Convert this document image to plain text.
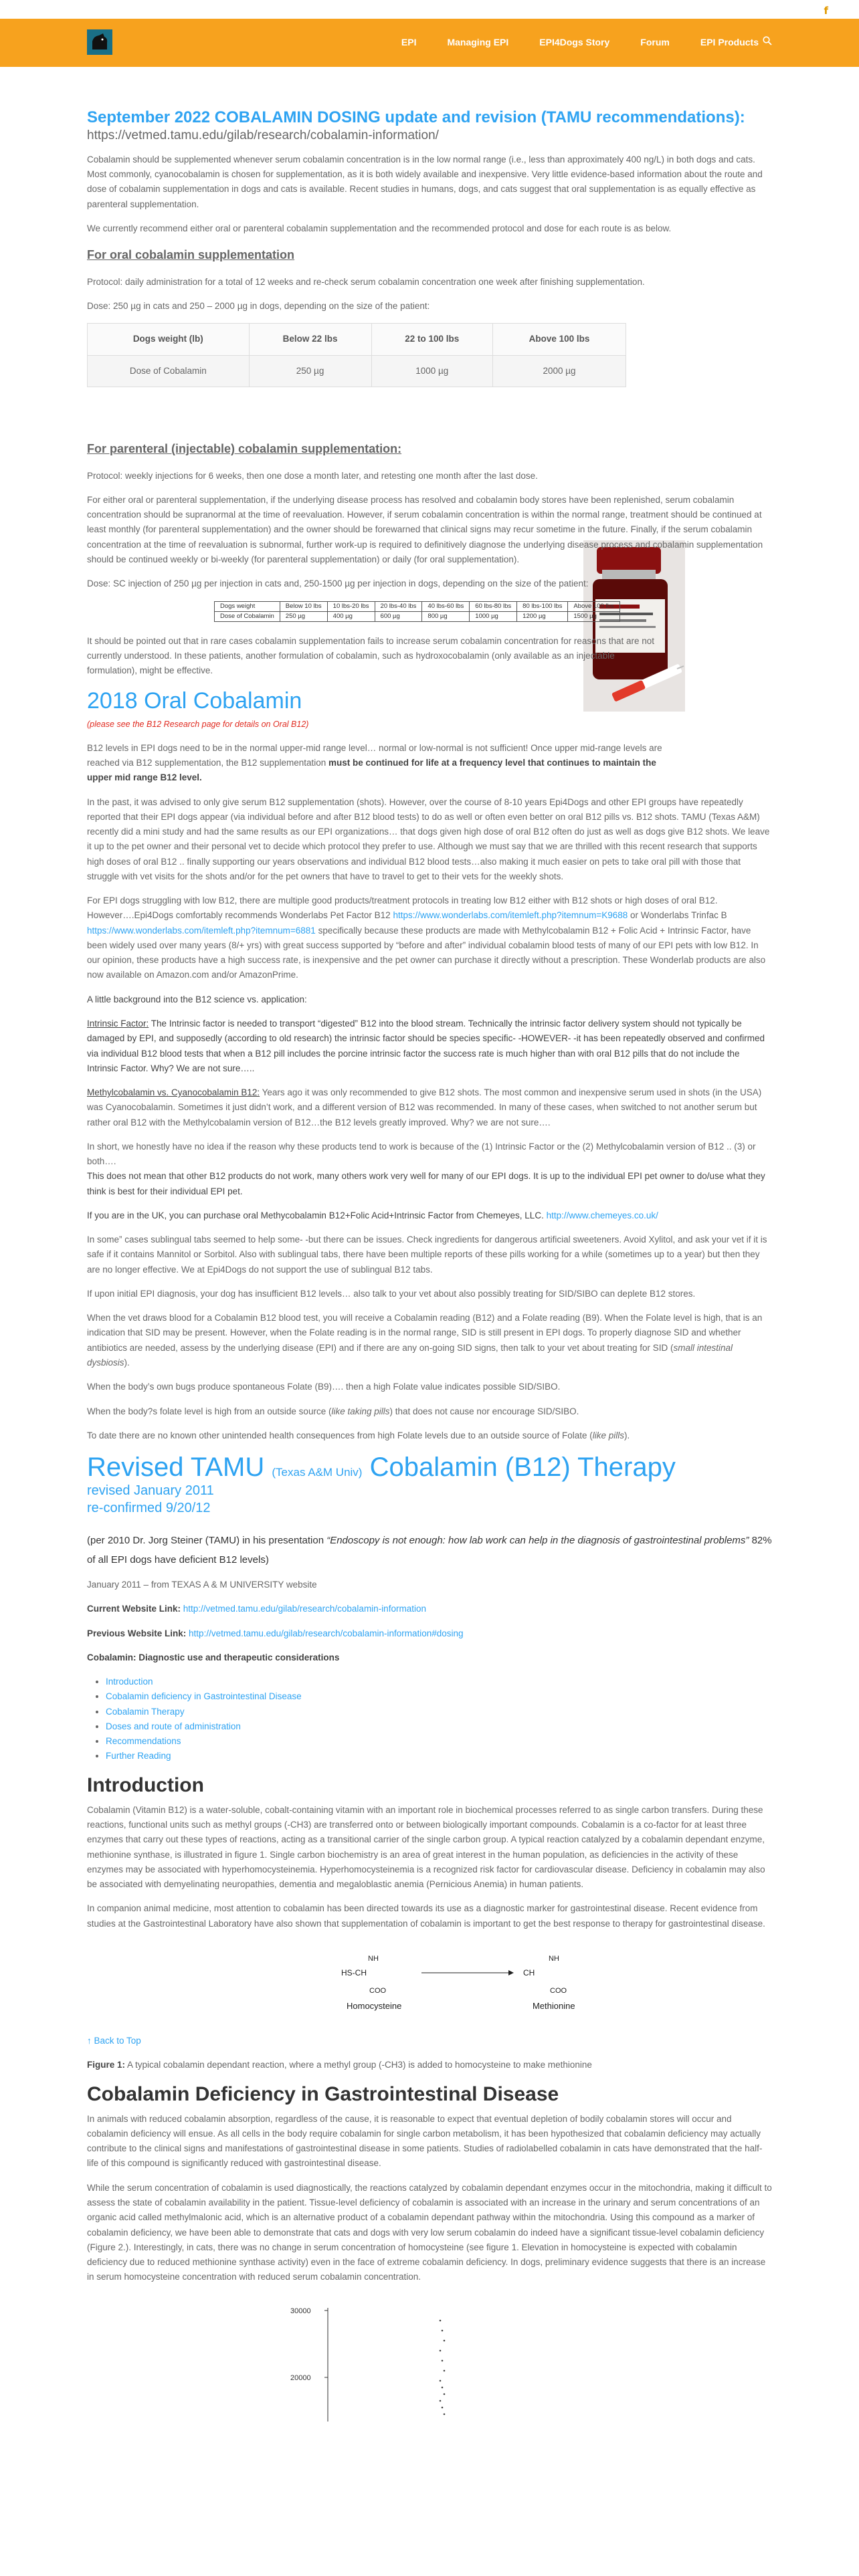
f
EPI	Managing EPI	EPI4Dogs Story	Forum	EPI Products
September 2022 COBALAMIN DOSING update and revision (TAMU recommendations):
https://vetmed.tamu.edu/gilab/research/cobalamin-information/

Cobalamin should be supplemented whenever serum cobalamin concentration is in the low normal range (i.e., less than approximately 400 ng/L) in both dogs and cats. Most commonly, cyanocobalamin is chosen for supplementation, as it is both widely available and inexpensive. Very little evidence-based information about the route and dose of cobalamin supplementation in dogs and cats is available. Recent studies in humans, dogs, and cats suggest that oral supplementation is as equally effective as parenteral supplementation.

We currently recommend either oral or parenteral cobalamin supplementation and the recommended protocol and dose for each route is as below.

For oral cobalamin supplementation

Protocol: daily administration for a total of 12 weeks and re-check serum cobalamin concentration one week after finishing supplementation.

Dose: 250 µg in cats and 250 – 2000 µg in dogs, depending on the size of the patient:

Dogs weight (lb)	Below 22 lbs	22 to 100 lbs	Above 100 lbs
Dose of Cobalamin	250 µg	1000 µg	2000 µg
For parenteral (injectable) cobalamin supplementation:

Protocol: weekly injections for 6 weeks, then one dose a month later, and retesting one month after the last dose.

For either oral or parenteral supplementation, if the underlying disease process has resolved and cobalamin body stores have been replenished, serum cobalamin concentration should be supranormal at the time of reevaluation. However, if serum cobalamin concentration is within the normal range, treatment should be continued at least monthly (for parenteral supplementation) and the owner should be forewarned that clinical signs may recur sometime in the future. Finally, if the serum cobalamin concentration at the time of reevaluation is subnormal, further work-up is required to definitively diagnose the underlying disease process and cobalamin supplementation should be continued weekly or bi-weekly (for parenteral supplementation) or daily (for oral supplementation).

Dose: SC injection of 250 µg per injection in cats and, 250-1500 µg per injection in dogs, depending on the size of the patient:

Dogs weight	Below 10 lbs	10 lbs-20 lbs	20 lbs-40 lbs	40 lbs-60 lbs	60 lbs-80 lbs	80 lbs-100 lbs	Above 100 lbs
Dose of Cobalamin	250 µg	400 µg	600 µg	800 µg	1000 µg	1200 µg	1500 µg

It should be pointed out that in rare cases cobalamin supplementation fails to increase serum cobalamin concentration for reasons that are not currently understood. In these patients, another formulation of cobalamin, such as hydroxocobalamin (only available as an injectable formulation), might be effective.

2018 Oral Cobalamin
(please see the B12 Research page for details on Oral B12)

B12 levels in EPI dogs need to be in the normal upper-mid range level… normal or low-normal is not sufficient! Once upper mid-range levels are reached via B12 supplementation, the B12 supplementation must be continued for life at a frequency level that continues to maintain the upper mid range B12 level.

In the past, it was advised to only give serum B12 supplementation (shots). However, over the course of 8-10 years Epi4Dogs and other EPI groups have repeatedly reported that their EPI dogs appear (via individual before and after B12 blood tests) to do as well or often even better on oral B12 pills vs. B12 shots. TAMU (Texas A&M) recently did a mini study and had the same results as our EPI organizations… that dogs given high dose of oral B12 often do just as well as dogs give B12 shots. We leave it up to the pet owner and their personal vet to decide which protocol they prefer to use. Although we must say that we are thrilled with this recent research that supports high doses of oral B12 .. finally supporting our years observations and individual B12 blood tests…also making it much easier on pets to take oral pill with those that struggle with vet visits for the shots and/or for the pet owners that have to travel to get to their vets for the weekly shots.

For EPI dogs struggling with low B12, there are multiple good products/treatment protocols in treating low B12 either with B12 shots or high doses of oral B12. However….Epi4Dogs comfortably recommends Wonderlabs Pet Factor B12 https://www.wonderlabs.com/itemleft.php?itemnum=K9688 or Wonderlabs Trinfac B https://www.wonderlabs.com/itemleft.php?itemnum=6881 specifically because these products are made with Methylcobalamin B12 + Folic Acid + Intrinsic Factor, have been widely used over many years (8/+ yrs) with great success supported by “before and after” individual cobalamin blood tests of many of our EPI pets with low B12. In our opinion, these products have a high success rate, is inexpensive and the pet owner can purchase it directly without a prescription. These Wonderlab products are also now available on Amazon.com and/or AmazonPrime.

A little background into the B12 science vs. application:

Intrinsic Factor: The Intrinsic factor is needed to transport “digested” B12 into the blood stream. Technically the intrinsic factor delivery system should not typically be damaged by EPI, and supposedly (according to old research) the intrinsic factor should be species specific- -HOWEVER- -it has been repeatedly observed and confirmed via individual B12 blood tests that when a B12 pill includes the porcine intrinsic factor the success rate is much higher than with oral B12 pills that do not include the Intrinsic Factor. Why? We are not sure…..

Methylcobalamin vs. Cyanocobalamin B12: Years ago it was only recommended to give B12 shots. The most common and inexpensive serum used in shots (in the USA) was Cyanocobalamin. Sometimes it just didn’t work, and a different version of B12 was recommended. In many of these cases, when switched to not another serum but rather oral B12 with the Methylcobalamin version of B12…the B12 levels greatly improved. Why? we are not sure….

In short, we honestly have no idea if the reason why these products tend to work is because of the (1) Intrinsic Factor or the (2) Methylcobalamin version of B12 .. (3) or both….
This does not mean that other B12 products do not work, many others work very well for many of our EPI dogs. It is up to the individual EPI pet owner to do/use what they think is best for their individual EPI pet.

If you are in the UK, you can purchase oral Methycobalamin B12+Folic Acid+Intrinsic Factor from Chemeyes, LLC. http://www.chemeyes.co.uk/

In some” cases sublingual tabs seemed to help some- -but there can be issues. Check ingredients for dangerous artificial sweeteners. Avoid Xylitol, and ask your vet if it is safe if it contains Mannitol or Sorbitol. Also with sublingual tabs, there have been multiple reports of these pills working for a while (sometimes up to a year) but then they are no longer effective. We at Epi4Dogs do not support the use of sublingual B12 tabs.

If upon initial EPI diagnosis, your dog has insufficient B12 levels… also talk to your vet about also possibly treating for SID/SIBO can deplete B12 stores.

When the vet draws blood for a Cobalamin B12 blood test, you will receive a Cobalamin reading (B12) and a Folate reading (B9). When the Folate level is high, that is an indication that SID may be present. However, when the Folate reading is in the normal range, SID is still present in EPI dogs. To properly diagnose SID and whether antibiotics are needed, assess by the underlying disease (EPI) and if there are any on-going SID signs, then talk to your vet about treating for SID (small intestinal dysbiosis).

When the body’s own bugs produce spontaneous Folate (B9)…. then a high Folate value indicates possible SID/SIBO.

When the body?s folate level is high from an outside source (like taking pills) that does not cause nor encourage SID/SIBO.

To date there are no known other unintended health consequences from high Folate levels due to an outside source of Folate (like pills).

Revised TAMU (Texas A&M Univ) Cobalamin (B12) Therapy
revised January 2011
re-confirmed 9/20/12
(per 2010 Dr. Jorg Steiner (TAMU) in his presentation “Endoscopy is not enough: how lab work can help in the diagnosis of gastrointestinal problems” 82% of all EPI dogs have deficient B12 levels)

January 2011 – from TEXAS A & M UNIVERSITY website

Current Website Link: http://vetmed.tamu.edu/gilab/research/cobalamin-information

Previous Website Link: http://vetmed.tamu.edu/gilab/research/cobalamin-information#dosing

Cobalamin: Diagnostic use and therapeutic considerations

• Introduction
• Cobalamin deficiency in Gastrointestinal Disease
• Cobalamin Therapy
• Doses and route of administration
• Recommendations
• Further Reading
Introduction

Cobalamin (Vitamin B12) is a water-soluble, cobalt-containing vitamin with an important role in biochemical processes referred to as single carbon transfers. During these reactions, functional units such as methyl groups (-CH3) are transferred onto or between biologically important compounds. Cobalamin is a co-factor for at least three enzymes that carry out these types of reactions, acting as a transitional carrier of the single carbon group. A typical reaction catalyzed by a cobalamin dependant enzyme, methionine synthase, is illustrated in figure 1. Single carbon biochemistry is an area of great interest in the human population, as deficiencies in the activity of these enzymes may be associated with hyperhomocysteinemia. Hyperhomocysteinemia is a recognized risk factor for cardiovascular disease. Deficiency in cobalamin may also be associated with demyelinating neuropathies, dementia and megaloblastic anemia (Pernicious Anemia) in human patients.

In companion animal medicine, most attention to cobalamin has been directed towards its use as a diagnostic marker for gastrointestinal disease. Recent evidence from studies at the Gastrointestinal Laboratory have also shown that supplementation of cobalamin is important to get the best response to therapy for gastrointestinal disease.

NH
HS-CH
COO
Homocysteine
NH
CH
COO
Methionine

↑ Back to Top

Figure 1: A typical cobalamin dependant reaction, where a methyl group (-CH3) is added to homocysteine to make methionine

Cobalamin Deficiency in Gastrointestinal Disease

In animals with reduced cobalamin absorption, regardless of the cause, it is reasonable to expect that eventual depletion of bodily cobalamin stores will occur and cobalamin deficiency will ensue. As all cells in the body require cobalamin for single carbon metabolism, it has been hypothesized that cobalamin deficiency may actually contribute to the clinical signs and manifestations of gastrointestinal disease in some patients. Studies of radiolabelled cobalamin in cats have demonstrated that the half-life of this compound is significantly reduced with gastrointestinal disease.

While the serum concentration of cobalamin is used diagnostically, the reactions catalyzed by cobalamin dependant enzymes occur in the mitochondria, making it difficult to assess the state of cobalamin availability in the patient. Tissue-level deficiency of cobalamin is associated with an increase in the urinary and serum concentrations of an organic acid called methylmalonic acid, which is an alternative product of a cobalamin dependant pathway within the mitochondria. Using this compound as a marker of cobalamin deficiency, we have been able to demonstrate that cats and dogs with very low serum cobalamin do indeed have a significant tissue-level cobalamin deficiency (Figure 2.). Interestingly, in cats, there was no change in serum concentration of homocysteine (see figure 1. Elevation in homocysteine is expected with cobalamin deficiency due to reduced methionine synthase activity) even in the face of extreme cobalamin deficiency. In dogs, preliminary evidence suggests that there is an increase in serum homocysteine concentration with reduced serum cobalamin concentration.

30000
20000
